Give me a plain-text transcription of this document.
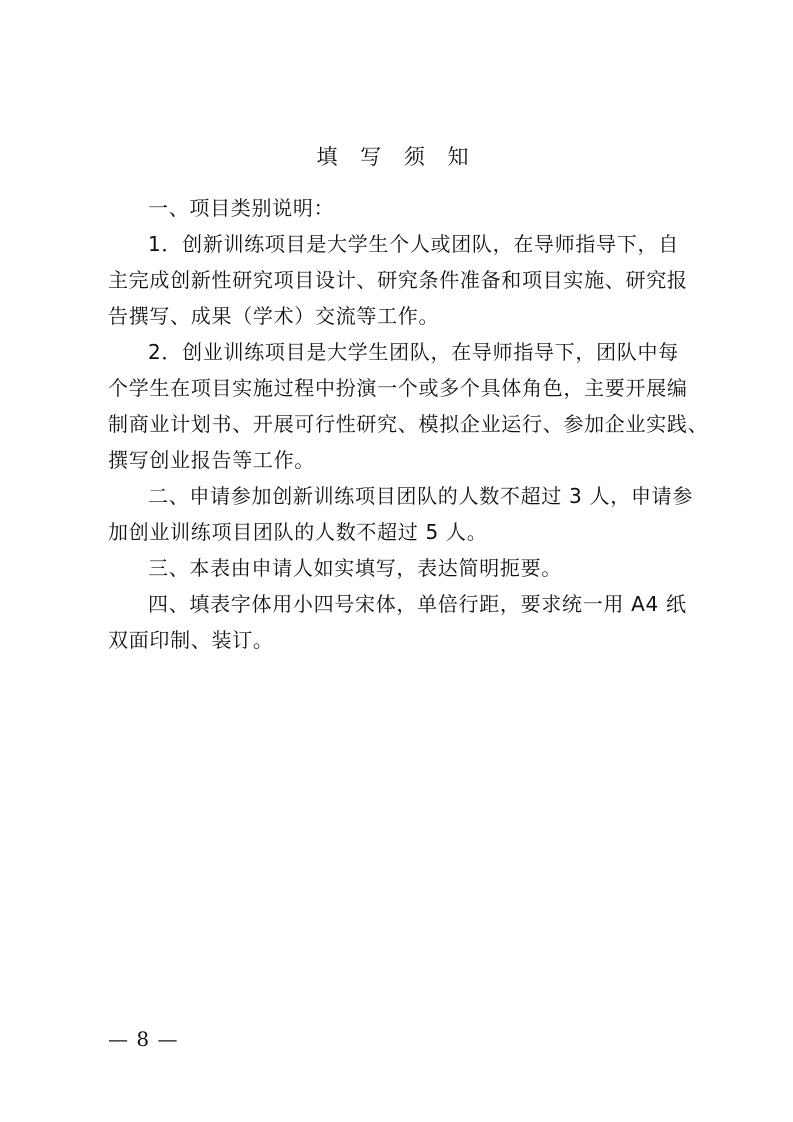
填 写 须 知

一、项目类别说明：

1．创新训练项目是大学生个人或团队，在导师指导下，自
主完成创新性研究项目设计、研究条件准备和项目实施、研究报
告撰写、成果（学术）交流等工作。

2．创业训练项目是大学生团队，在导师指导下，团队中每
个学生在项目实施过程中扮演一个或多个具体角色，主要开展编
制商业计划书、开展可行性研究、模拟企业运行、参加企业实践、
撰写创业报告等工作。

二、申请参加创新训练项目团队的人数不超过 3 人，申请参
加创业训练项目团队的人数不超过 5 人。

三、本表由申请人如实填写，表达简明扼要。

四、填表字体用小四号宋体，单倍行距，要求统一用 A4 纸
双面印制、装订。

— 8 —
